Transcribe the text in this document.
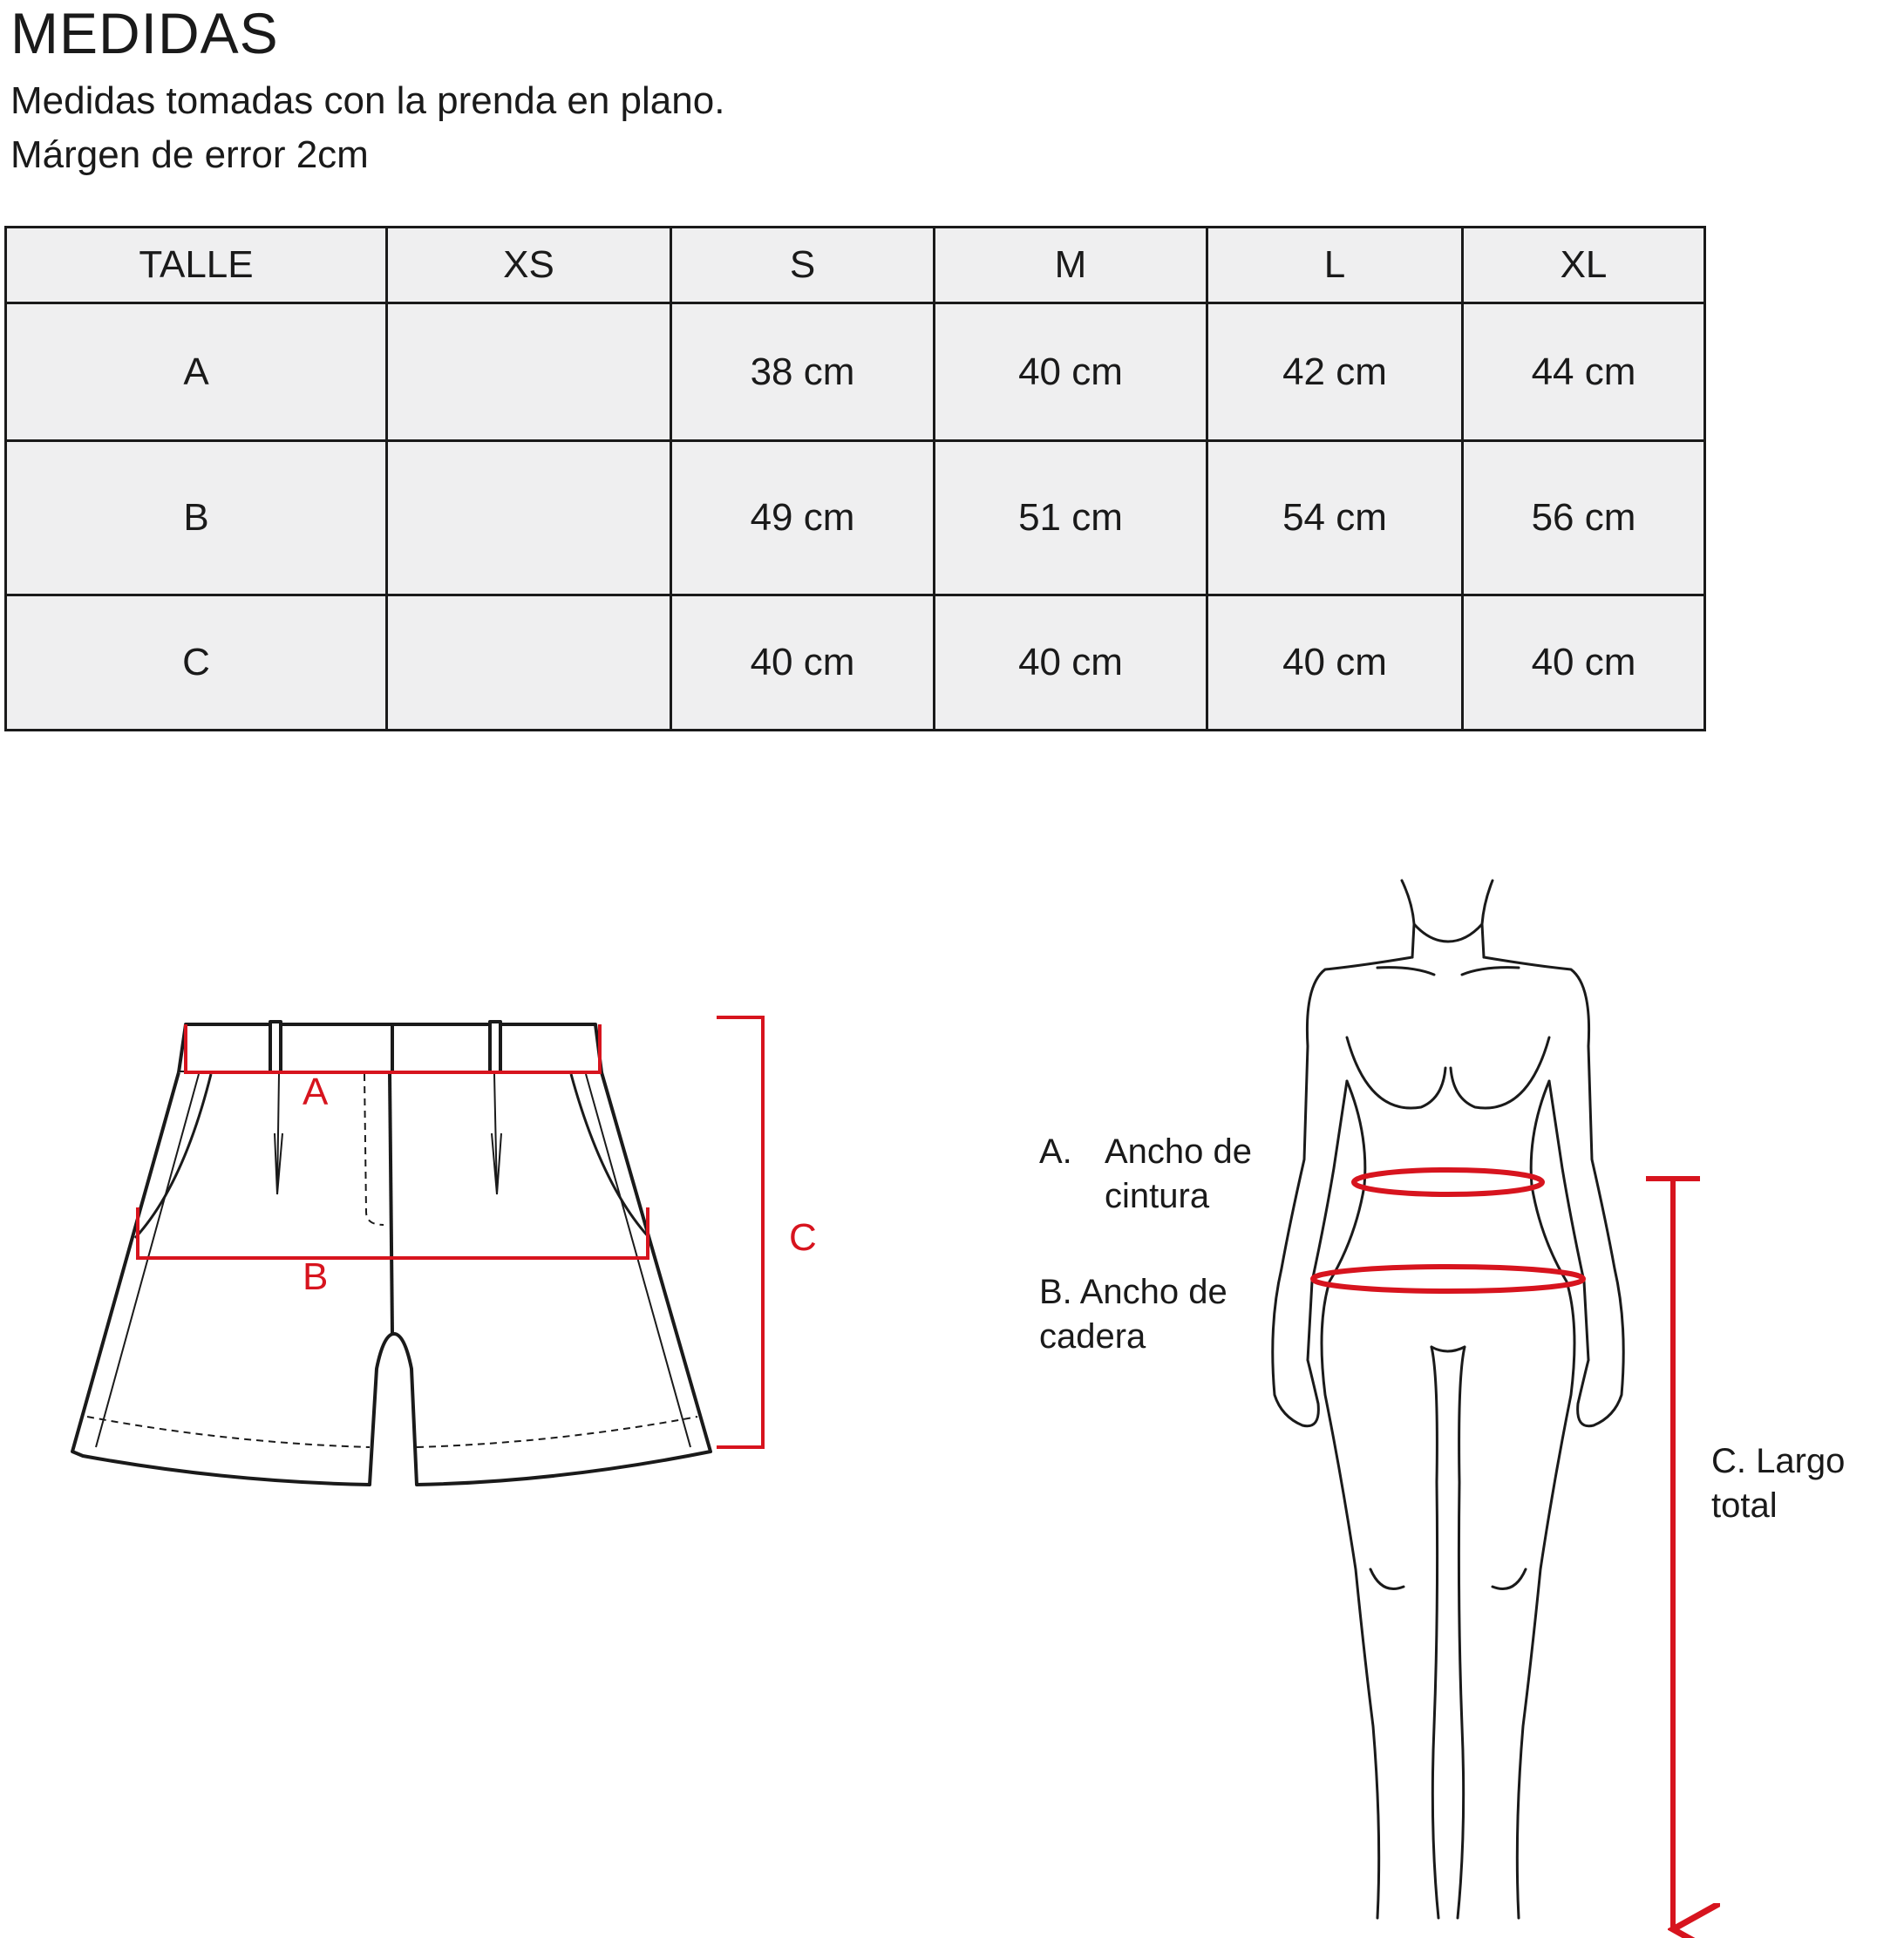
MEDIDAS
Medidas tomadas con la prenda en plano.
Márgen de error 2cm
TALLE	XS	S	M	L	XL
A		38 cm	40 cm	42 cm	44 cm
B		49 cm	51 cm	54 cm	56 cm
C		40 cm	40 cm	40 cm	40 cm
A
B
C
A. Ancho de
cintura
B. Ancho de
cadera
C. Largo
total
